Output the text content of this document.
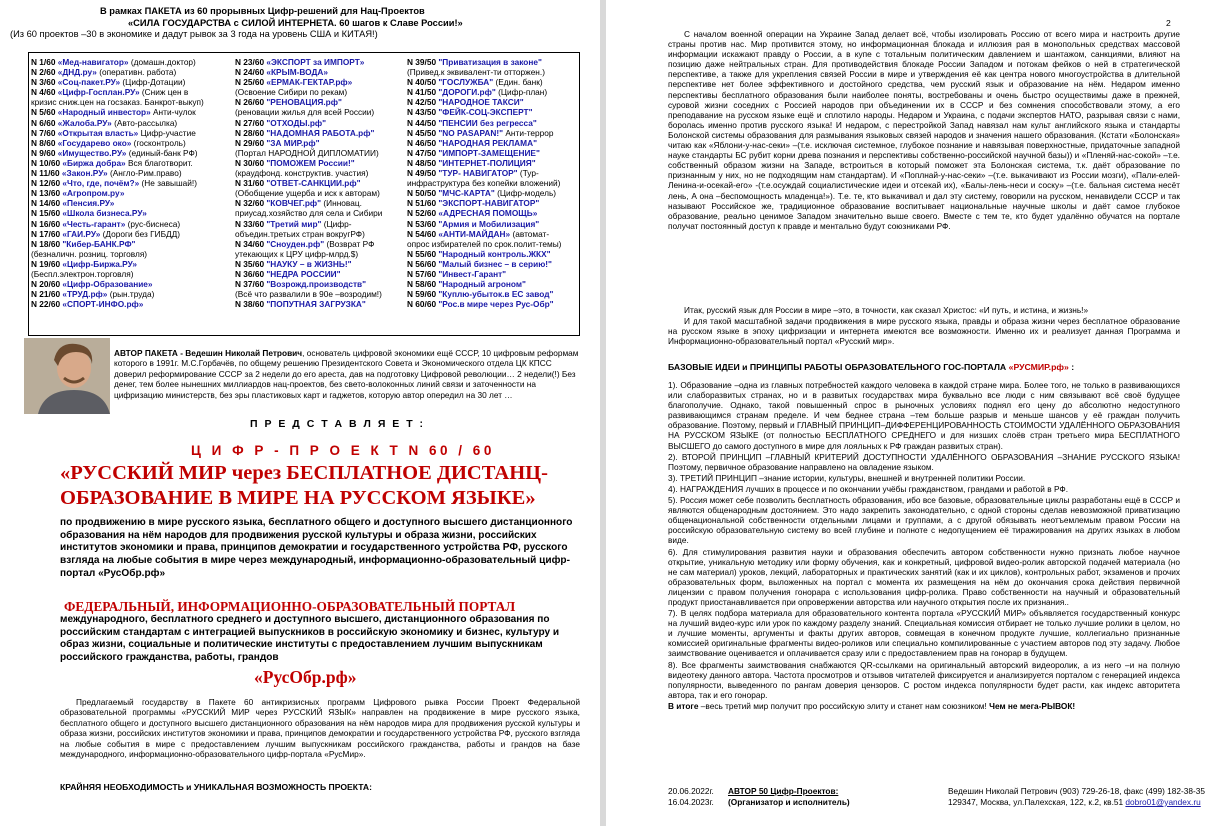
В рамках ПАКЕТА из 60 прорывных Цифр-решений для Нац-Проектов
«СИЛА ГОСУДАРСТВА с СИЛОЙ ИНТЕРНЕТА. 60 шагов к Славе России!»
(Из 60 проектов –30 в экономике и дадут рывок за 3 года на уровень США и КИТАЯ!)
N 1/60 «Мед-навигатор» (домашн.доктор)
N 2/60 «ДНД.ру» (оперативн. работа)
N 3/60 «Соц-пакет.РУ» (Цифр-Дотации)
N 4/60 «Цифр-Госплан.РУ» (Сниж цен в
кризис сниж.цен на госзаказ. Банкрот-выкуп)
N 5/60 «Народный инвестор» Анти-чулок
N 6/60 «Жалоба.РУ» (Авто-рассылка)
N 7/60 «Открытая власть» Цифр-участие
N 8/60 «Государево око» (госконтроль)
N 9/60 «Имущество.РУ» (единый-банк РФ)
N 10/60 «Биржа добра» Вся благотворит.
N 11/60 «Закон.РУ» (Англо-Рим.право)
N 12/60 «Что, где, почём?» (Не завышай!)
N 13/60 «Агропром.ру»
N 14/60 «Пенсия.РУ»
N 15/60 «Школа бизнеса.РУ»
N 16/60 «Честь-гарант» (рус-биснеса)
N 17/60 «ГАИ.РУ» (Дороги без ГИБДД)
N 18/60 "Кибер-БАНК.РФ"
(безналичн. розниц. торговля)
N 19/60 «Цифр-Биржа.РУ»
(Беспл.электрон.торговля)
N 20/60 «Цифр-Образование»
N 21/60 «ТРУД.рф» (рын.труда)
N 22/60 «СПОРТ-ИНФО.рф»
N 23/60 «ЭКСПОРТ за ИМПОРТ»
N 24/60 «КРЫМ-ВОДА»
N 25/60 «ЕРМАК-ГЕКТАР.рф»
(Освоение Сибири по рекам)
N 26/60 "РЕНОВАЦИЯ.рф"
(реновации жилья для всей России)
N 27/60 "ОТХОДЫ.рф"
N 28/60 "НАДОМНАЯ РАБОТА.рф"
N 29/60 "ЗА МИР.рф"
(Портал НАРОДНОЙ ДИПЛОМАТИИ)
N 30/60 "ПОМОЖЕМ России!"
(краудфонд. конструктив. участия)
N 31/60 "ОТВЕТ-САНКЦИИ.рф"
(Обобщение ущерба и иск к авторам)
N 32/60 "КОВЧЕГ.рф" (Инновац.
приусад.хозяйство для села и Сибири
N 33/60 "Третий мир" (Цифр-
объедин.третьих стран вокругРФ)
N 34/60 "Сноуден.рф" (Возврат РФ
утекающих к ЦРУ цифр-млрд.$)
N 35/60 "НАУКУ – в ЖИЗНЬ!"
N 36/60 "НЕДРА РОССИИ"
N 37/60 "Возрожд.производств"
(Всё что развалили в 90е –возродим!)
N 38/60 "ПОПУТНАЯ ЗАГРУЗКА"
N 39/50 "Приватизация в законе"
(Привед.к эквивалент-ти отторжен.)
N 40/50 "ГОСЛУЖБА" (Един. банк)
N 41/50 "ДОРОГИ.рф" (Цифр-план)
N 42/50 "НАРОДНОЕ ТАКСИ"
N 43/50 "ФЕЙК-СОЦ-ЭКСПЕРТ"
N 44/50 "ПЕНСИИ без регресса"
N 45/50 "NO PASAPAN!" Анти-террор
N 46/50 "НАРОДНАЯ РЕКЛАМА"
N 47/50 "ИМПОРТ-ЗАМЕЩЕНИЕ"
N 48/50 "ИНТЕРНЕТ-ПОЛИЦИЯ"
N 49/50 "ТУР- НАВИГАТОР" (Тур-
инфраструктура без копейки вложений)
N 50/50 "МЧС-КАРТА" (Цифр-модель)
N 51/60 "ЭКСПОРТ-НАВИГАТОР"
N 52/60 «АДРЕСНАЯ ПОМОЩЬ»
N 53/60 "Армия и Мобилизация"
N 54/60 «АНТИ-МАЙДАН» (автомат-
опрос избирателей по срок.полит-темы)
N 55/60 "Народный контроль.ЖКХ"
N 56/60 "Малый бизнес – в серию!"
N 57/60 "Инвест-Гарант"
N 58/60 "Народный агроном"
N 59/60 "Куплю-убыток.в ЕС завод"
N 60/60 "Рос.в мире через Рус-Обр"
АВТОР ПАКЕТА - Ведешин Николай Петрович, основатель цифровой экономики ещё СССР, 10 цифровым реформам которого в 1991г. М.С.Горбачёв, по общему решению Президентского Совета и Экономического отдела ЦК КПСС доверил реформирование СССР за 2 недели до его ареста, дав на подготовку Цифровой революции… 2 недели(!) Без денег, тем более нынешних миллиардов нац-проектов, без свето-волоконных линий связи и заточенности на цифризацию министерств, без эры пластиковых карт и гаджетов, которую автор опередил на 30 лет …
П Р Е Д С Т А В Л Я Е Т :
Ц И Ф Р - П Р О Е К Т N 60 / 60
«РУССКИЙ МИР через БЕСПЛАТНОЕ ДИСТАНЦ-ОБРАЗОВАНИЕ В МИРЕ НА РУССКОМ ЯЗЫКЕ»
по продвижению в мире русского языка, бесплатного общего и доступного высшего дистанционного образования на нём народов для продвижения русской культуры и образа жизни, российских институтов экономики и права, принципов демократии и государственного устройства РФ, русского взгляда на любые события в мире через международный, информационно-образовательный цифр-портал «РусОбр.рф»
ФЕДЕРАЛЬНЫЙ, ИНФОРМАЦИОННО-ОБРАЗОВАТЕЛЬНЫЙ ПОРТАЛ
международного, бесплатного среднего и доступного высшего, дистанционного образования по российским стандартам с интеграцией выпускников в российскую экономику и бизнес, культуру и образ жизни, социальные и политические институты с предоставлением лучшим выпускникам российского гражданства, работы, грандов
«РусОбр.рф»
Предлагаемый государству в Пакете 60 антикризисных программ Цифрового рывка России Проект Федеральной образовательной программы «РУССКИЙ МИР через РУССКИЙ ЯЗЫК» направлен на продвижение в мире русского языка, бесплатного общего и доступного высшего дистанционного образования на нём народов мира для продвижения русской культуры и образа жизни, российских институтов экономики и права, принципов демократии и государственного устройства РФ, русского взгляда на любые события в мире с предоставлением лучшим выпускникам российского гражданства, работы и грандов на базе международного, информационно-образовательного цифр-портала «РусМир».
КРАЙНЯЯ НЕОБХОДИМОСТЬ и УНИКАЛЬНАЯ ВОЗМОЖНОСТЬ ПРОЕКТА:
2

С началом военной операции на Украине Запад делает всё, чтобы изолировать Россию от всего мира и настроить другие страны против нас. Мир противится этому, но информационная блокада и иллюзия рая в монопольных средствах массовой информации искажают правду о России, а в купе с тотальным политическим давлением и шантажом, санкциями, влияют на позицию даже нейтральных стран. Для противодействия блокаде России Западом и потокам фейков о ней в стратегической перспективе, а также для укрепления связей России в мире и утверждения её как центра нового многоустройства в длительной перспективе нет более эффективного и достойного средства, чем русский язык и образование на нём. Недаром именно перспективы бесплатного образования были наиболее поняты, востребованы и очень быстро осуществимы даже в прежней, суровой жизни соседних с Россией народов при объединении их в СССР и без сомнения способствовали этому, а его преподавание на русском языке ещё и сплотило народы. Недаром и Украина, с подачи экспертов НАТО, разрывая связи с нами, боролась именно против русского языка! И недаром, с перестройкой Запад навязал нам культ английского языка и стандарты Болонской системы образования для размывания языковых связей народов и значения нашего образования. (Кстати «Болонская» читаю как «Яблони-у-нас-секи» –(т.е. исключая системное, глубокое познание и навязывая поверхностные, придаточные западной науке стандарты БС рубит корни древа познания и перспективы собственно-российской научной базы)) и «Пленяй-нас-сокой» –т.е. собственный образом жизни на Западе, встроиться в который поможет эта Болонская система, т.к. даёт образование по признанным у них, но не подходящим нам стандартам). И «Поплнай-у-нас-секи» –(т.е. выкачивают из России мозги), «Пали-елей-Ленина-и-осекай-его» -(т.е.осуждай социалистические идеи и отсекай их), «Балы-лень-неси и соску» –(т.е. бальная система несёт лень, А она –беспомощность младенца!»). Т.е. те, кто выкачивал и дал эту систему, говорили на русском, ненавидели СССР и так называют Российское же, традиционное образование воспитывает национальные научные школы и даёт самое глубокое образование, реально ценимое Западом значительно выше своего. Вместе с тем те, кто будет удалённо обучатся на портале получат постоянный доступ к правде и ментально будут союзниками РФ.

Итак, русский язык для России в мире –это, в точности, как сказал Христос: «И путь, и истина, и жизнь!»

И для такой масштабной задачи продвижения в мире русского языка, правды и образа жизни через бесплатное образование на русском языке в эпоху цифризации и интернета имеются все возможности. Именно их и реализует данная Программа и Информационно-образовательный портал «Русский мир».

БАЗОВЫЕ ИДЕИ и ПРИНЦИПЫ РАБОТЫ ОБРАЗОВАТЕЛЬНОГО ГОС-ПОРТАЛА «РУСМИР.рф» :

1). Образование –одна из главных потребностей каждого человека в каждой стране мира. Более того, не только в развивающихся или слаборазвитых странах, но и в развитых государствах мира буквально все люди с ним связывают всё своё будущее благополучие. Однако, такой повышенный спрос в рыночных условиях поднял его цену до абсолютно недоступного развивающимся странам пределе. И чем беднее страна –тем больше разрыв и меньше шансов у её граждан получить образование. Поэтому, первый и ГЛАВНЫЙ ПРИНЦИП–ДИФФЕРЕНЦИРОВАННОСТЬ СТОИМОСТИ УДАЛЁННОГО ОБРАЗОВАНИЯ НА РУССКОМ ЯЗЫКЕ (от полностью БЕСПЛАТНОГО СРЕДНЕГО и для низших слоёв стран третьего мира БЕСПЛАТНОГО ВЫСШЕГО до самого доступного в мире для лояльных к РФ граждан развитых стран).

2). ВТОРОЙ ПРИНЦИП –ГЛАВНЫЙ КРИТЕРИЙ ДОСТУПНОСТИ УДАЛЁННОГО ОБРАЗОВАНИЯ –ЗНАНИЕ РУССКОГО ЯЗЫКА! Поэтому, первичное образование направлено на овладение языком.

3). ТРЕТИЙ ПРИНЦИП –знание истории, культуры, внешней и внутренней политики России.

4). НАГРАЖДЕНИЯ лучших в процессе и по окончании учёбы гражданством, грандами и работой в РФ.

5). Россия может себе позволить бесплатность образования, ибо все базовые, образовательные циклы разработаны ещё в СССР и являются общенародным достоянием. Это надо закрепить законодательно, с одной стороны сделав невозможной приватизацию общенациональной собственности отдельными лицами и группами, а с другой обязывать неотъемлемым правом России на российскую образовательную систему во всей глубине и полноте с недопущением её тиражирования на других языках в любом виде.

6). Для стимулирования развития науки и образования обеспечить автором собственности нужно признать любое научное открытие, уникальную методику или форму обучения, как и конкретный, цифровой видео-ролик авторской подачей материала (но не сам материал) уроков, лекций, лабораторных и практических занятий (как и их циклов), контрольных работ, экзаменов и прочих образовательных форм, выложенных на портал с момента их размещения на нём до окончания срока действия первичной лицензии с правом получения гонорара с использования цифр-ролика. Право собственности на научный и образовательный продукт приостанавливается при опровержении авторства или научного открытия после их признания..

7). В целях подбора материала для образовательного контента портала «РУССКИЙ МИР» объявляется государственный конкурс на лучший видео-курс или урок по каждому разделу знаний. Специальная комиссия отбирает не только лучшие ролики в целом, но и лучшие моменты, аргументы и факты других авторов, совмещая в конечном продукте лучшие, коллегиально признанные комиссией оригинальные фрагменты видео-роликов или специально компилированные с участием авторов под эту задачу. Любое заимствование оценивается и оплачивается сразу или с предоставлением прав на гонорар в будущем.

8). Все фрагменты заимствования снабжаются QR-ссылками на оригинальный авторский видеоролик, а из него –и на полную видеотеку данного автора. Частота просмотров и отзывов читателей фиксируется и анализируется порталом с генерацией индекса популярности, выведенного по рангам доверия цензоров. С ростом индекса популярности будет расти, как индекс авторитета автора, так и его гонорар.

В итоге –весь третий мир получит про российскую элиту и станет нам союзником! Чем не мега-РЫВОК!

20.06.2022г. АВТОР 50 Цифр-Проектов:	Ведешин Николай Петрович (903) 729-26-18, факс (499) 182-38-35
16.04.2023г. (Организатор и исполнитель)	129347, Москва, ул.Палехская, 122, к.2, кв.51 dobro01@yandex.ru
